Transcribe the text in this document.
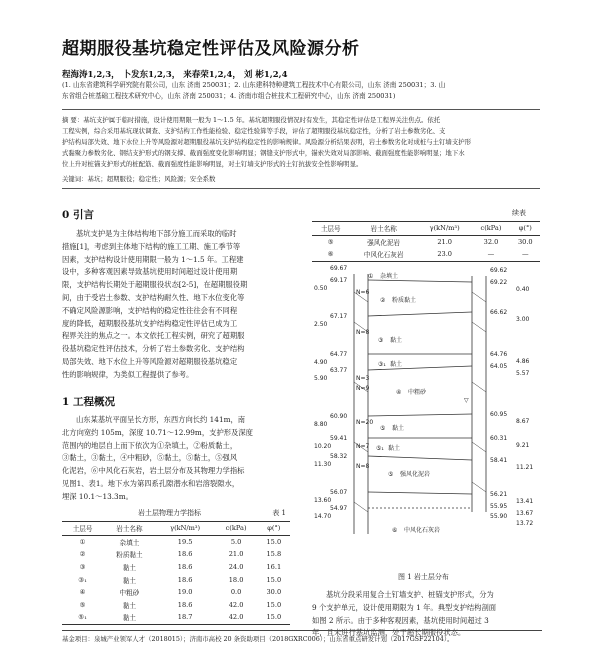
超期服役基坑稳定性评估及风险源分析
程海涛1,2,3， 卜发东1,2,3， 来春荣1,2,4， 刘 彬1,2,4
(1. 山东省建筑科学研究院有限公司，山东 济南 250031；2. 山东建科特种建筑工程技术中心有限公司，山东 济南 250031；3. 山
东省组合桩基础工程技术研究中心，山东 济南 250031；4. 济南市组合桩技术工程研究中心，山东 济南 250031)
摘 要：基坑支护属于临时措施，设计使用期限一般为 1～1.5 年。基坑超期服役情况时有发生，其稳定性评估是工程界关注焦点。依托
工程实例，综合采用基坑现状调查、支护结构工作性能检验、稳定性验算等手段，评估了超期服役基坑稳定性，分析了岩土参数劣化、支
护结构局部失效、地下水位上升等风险源对超期服役基坑支护结构稳定性的影响规律。风险源分析结果表明，岩土参数劣化对成桩与土钉墙支护形
式黏聚力参数劣化、钢结支护形式的钢支撑、截面强度变化影响明显；钢缝支护形式中，锚索失效对局部影响、截面强度性能影响明显；地下水
位上升对桩锚支护形式的桩配筋、截面强度性能影响明显，对土钉墙支护形式的土钉抗拔安全性影响明显。
关键词：基坑；超期服役；稳定性；风险源；安全系数
0 引言
基坑支护是为主体结构地下部分施工而采取的临时
措施[1]，考虑到主体地下结构的施工工期、施工季节等
因素，支护结构设计使用期限一般为 1～1.5 年。工程建
设中，多种客观因素导致基坑使用时间超过设计使用期
限，支护结构长期处于超期服役状态[2-5]，在超期服役期
间，由于受岩土参数、支护结构耐久性、地下水位变化等
不确定风险源影响，支护结构的稳定性往往会有不同程
度的降低，超期服役基坑支护结构稳定性评估已成为工
程界关注的焦点之一。本文依托工程实例，研究了超期服
役基坑稳定性评估技术，分析了岩土参数劣化、支护结构
局部失效、地下水位上升等风险源对超期服役基坑稳定
性的影响规律，为类似工程提供了参考。
1 工程概况
山东某基坑平面呈长方形，东西方向长约 141m，南
北方向宽约 105m，深度 10.71～12.99m，支护形及深度
范围内的地层自上而下依次为①杂填土，②粉质黏土，
③黏土，③黏土，④中粗砂，⑤黏土，⑤黏土，⑤强风
化泥岩，⑥中风化石灰岩，岩土层分布及其物理力学指标
见图1、表1。地下水为第四系孔隙潜水和岩溶裂隙水，
埋深 10.1～13.3m。
岩土层物理力学指标	表 1
土层号	岩土名称	γ(kN/m³)	c(kPa)	φ(°)
①	杂填土	19.5	5.0	15.0
②	粉质黏土	18.6	21.0	15.8
③	黏土	18.6	24.0	16.1
③₁	黏土	18.6	18.0	15.0
④	中粗砂	19.0	0.0	30.0
⑤	黏土	18.6	42.0	15.0
⑤₁	黏土	18.7	42.0	15.0
续表
土层号	岩土名称	γ(kN/m³)	c(kPa)	φ(°)
⑤	强风化泥岩	21.0	32.0	30.0
⑥	中风化石灰岩	23.0	—	—
69.67
69.17
67.17
64.77
63.77
60.90
59.41
58.32
56.07
54.97
0.50
2.50
4.90
5.90
8.80
10.20
11.30
13.60
14.70
69.62
69.22
66.62
64.76
64.05
60.95
60.31
58.41
56.21
55.95
55.90
0.40
3.00
4.86
5.57
8.67
9.21
11.21
13.41
13.67
13.72
① 杂填土
② 粉质黏土
③ 黏土
③₁ 黏土
④ 中粗砂
⑤ 黏土
⑤₁ 黏土
⑤ 强风化泥岩
⑥ 中风化石灰岩
N=6
N=8
N=3
N=9
N=20
N=7
N=8
▽
图 1 岩土层分布
基坑分段采用复合土钉墙支护、桩锚支护形式，分为
9 个支护单元，设计使用期限为 1 年。典型支护结构剖面
如图 2 所示。由于多种客观因素，基坑使用时间超过 3
年，且未进行基坑监测，处于超长期服役状态。
基金项目：泉城产业领军人才（2018015）；济南市高校 20 条资助项目（2018GXRC006）；山东省重点研发计划（2017GSF22104）。
